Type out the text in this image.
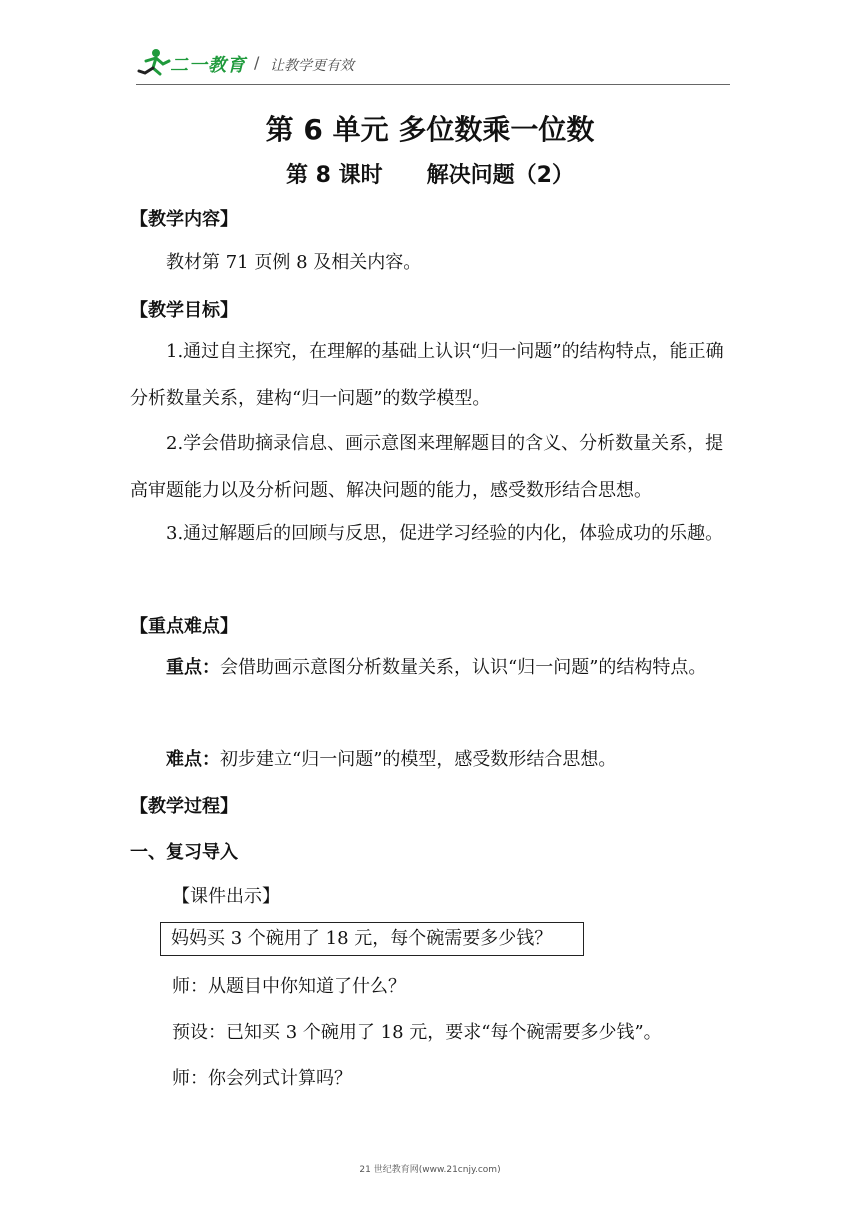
二一教育 / 让教学更有效
第 6 单元 多位数乘一位数
第 8 课时 解决问题（2）
【教学内容】
教材第 71 页例 8 及相关内容。
【教学目标】
1.通过自主探究，在理解的基础上认识“归一问题”的结构特点，能正确分析数量关系，建构“归一问题”的数学模型。
2.学会借助摘录信息、画示意图来理解题目的含义、分析数量关系，提高审题能力以及分析问题、解决问题的能力，感受数形结合思想。
3.通过解题后的回顾与反思，促进学习经验的内化，体验成功的乐趣。
【重点难点】
重点：会借助画示意图分析数量关系，认识“归一问题”的结构特点。
难点：初步建立“归一问题”的模型，感受数形结合思想。
【教学过程】
一、复习导入
【课件出示】
妈妈买 3 个碗用了 18 元，每个碗需要多少钱？
师：从题目中你知道了什么？
预设：已知买 3 个碗用了 18 元，要求“每个碗需要多少钱”。
师：你会列式计算吗？
21 世纪教育网(www.21cnjy.com)
